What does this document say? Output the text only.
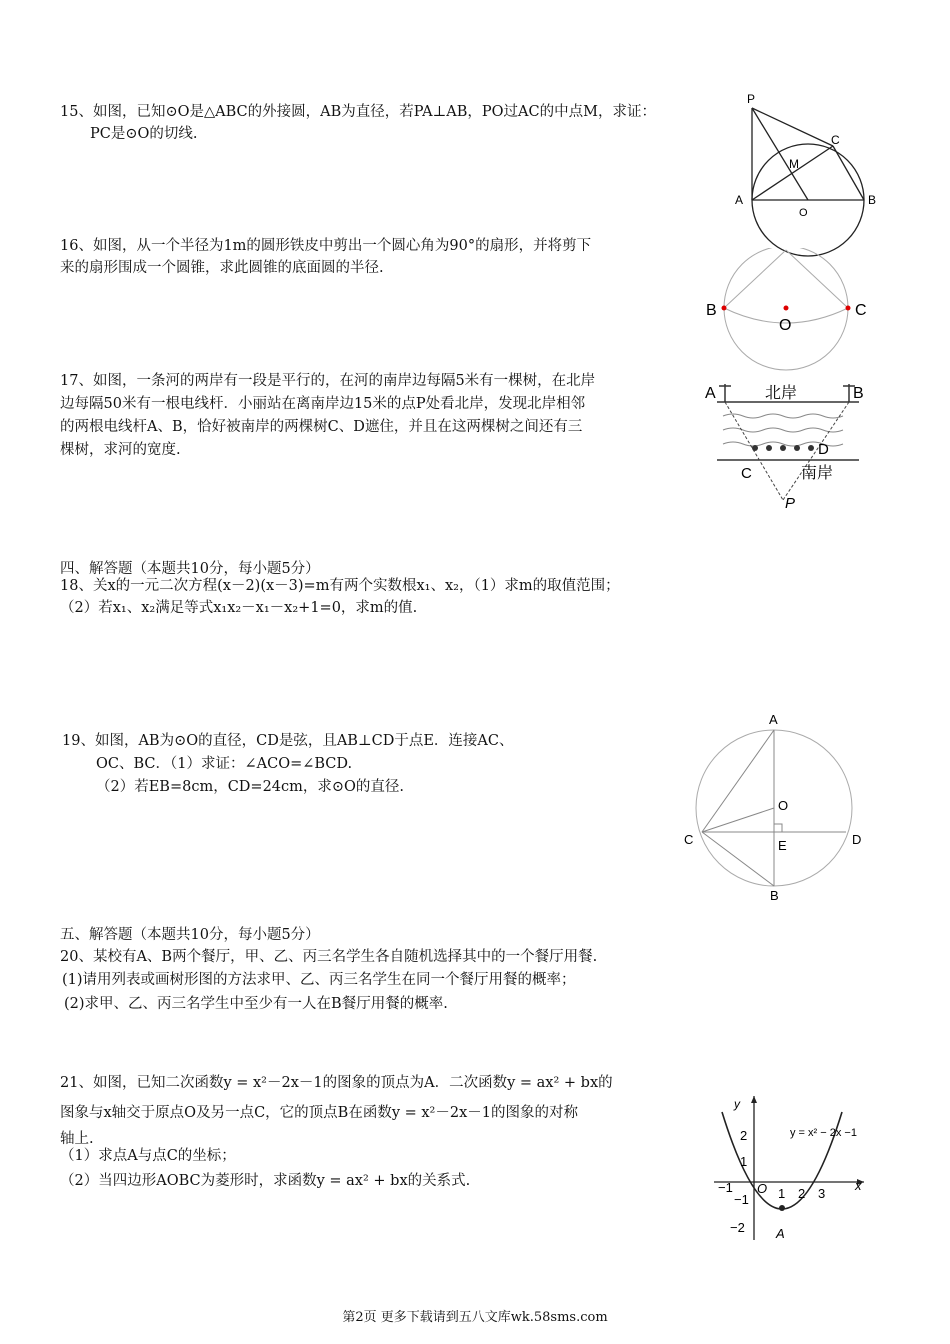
15、如图，已知⊙O是△ABC的外接圆，AB为直径，若PA⊥AB，PO过AC的中点M，求证：
PC是⊙O的切线.
P
C
M
A
O
B
16、如图，从一个半径为1m的圆形铁皮中剪出一个圆心角为90°的扇形，并将剪下
来的扇形围成一个圆锥，求此圆锥的底面圆的半径.
B
O
C
17、如图，一条河的两岸有一段是平行的，在河的南岸边每隔5米有一棵树，在北岸
边每隔50米有一根电线杆．小丽站在离南岸边15米的点P处看北岸，发现北岸相邻
的两根电线杆A、B，恰好被南岸的两棵树C、D遮住，并且在这两棵树之间还有三
棵树，求河的宽度.
A	北岸	B
D
C	南岸
P
四、解答题（本题共10分，每小题5分）
18、关x的一元二次方程(x－2)(x－3)=m有两个实数根x₁、x₂，（1）求m的取值范围；
（2）若x₁、x₂满足等式x₁x₂－x₁－x₂+1=0，求m的值.
19、如图，AB为⊙O的直径，CD是弦，且AB⊥CD于点E．连接AC、
OC、BC．（1）求证：∠ACO=∠BCD.
（2）若EB=8cm，CD=24cm，求⊙O的直径.
A
O
C	E	D
B
五、解答题（本题共10分，每小题5分）
20、某校有A、B两个餐厅，甲、乙、丙三名学生各自随机选择其中的一个餐厅用餐.
(1)请用列表或画树形图的方法求甲、乙、丙三名学生在同一个餐厅用餐的概率；
(2)求甲、乙、丙三名学生中至少有一人在B餐厅用餐的概率.
21、如图，已知二次函数y = x²－2x－1的图象的顶点为A．二次函数y = ax² + bx的
图象与x轴交于原点O及另一点C，它的顶点B在函数y = x²－2x－1的图象的对称
轴上.
（1）求点A与点C的坐标；
（2）当四边形AOBC为菱形时，求函数y = ax² + bx的关系式.
y
x
y = x² − 2x −1
O
A
2
1
−1
−2
−1	1 2 3
第2页 更多下载请到五八文库wk.58sms.com
